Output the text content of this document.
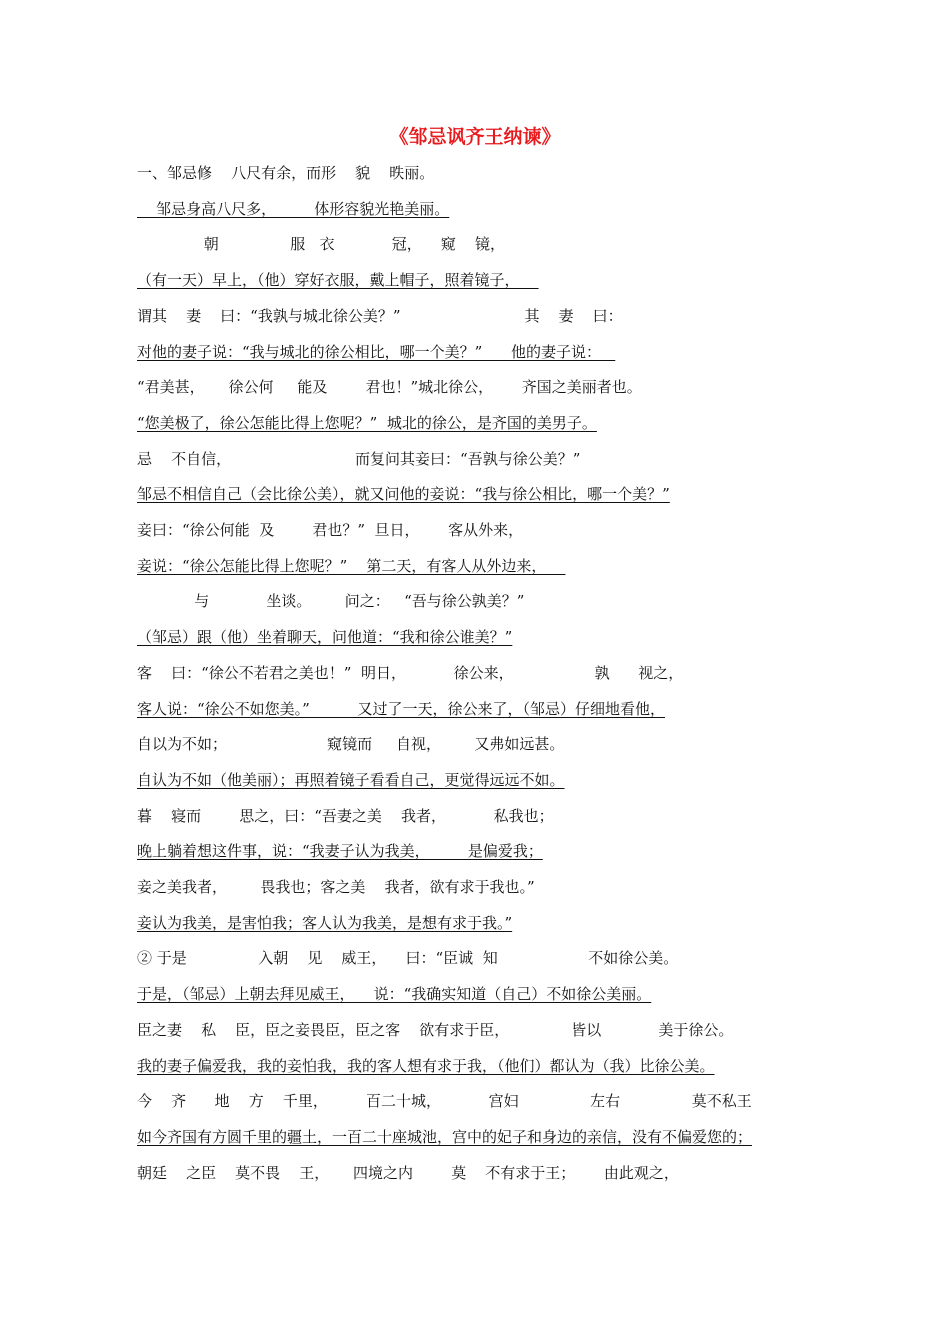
《邹忌讽齐王纳谏》
一、邹忌修    八尺有余，而形    貌    昳丽。
邹忌身高八尺多，        体形容貌光艳美丽。
朝               服   衣            冠，    窥    镜，
（有一天）早上，（他）穿好衣服，戴上帽子，照着镜子，
谓其    妻    曰：“我孰与城北徐公美？”                          其    妻    曰：
对他的妻子说：“我与城北的徐公相比，哪一个美？”      他的妻子说：
“君美甚，     徐公何     能及        君也！”城北徐公，      齐国之美丽者也。
“您美极了，徐公怎能比得上您呢？”  城北的徐公，是齐国的美男子。
忌    不自信，                          而复问其妾曰：“吾孰与徐公美？”
邹忌不相信自己（会比徐公美），就又问他的妾说：“我与徐公相比，哪一个美？”
妾曰：“徐公何能  及        君也？”  旦日，      客从外来，
妾说：“徐公怎能比得上您呢？”    第二天，有客人从外边来，
与            坐谈。       问之：   “吾与徐公孰美？”
（邹忌）跟（他）坐着聊天，问他道：“我和徐公谁美？”
客    曰：“徐公不若君之美也！”  明日，          徐公来，                 孰      视之，
客人说：“徐公不如您美。”          又过了一天，徐公来了，（邹忌）仔细地看他，
自以为不如；                     窥镜而     自视，       又弗如远甚。
自认为不如（他美丽）；再照着镜子看看自己，更觉得远远不如。
暮    寝而        思之，曰：“吾妻之美    我者，          私我也；
晚上躺着想这件事，说：“我妻子认为我美，        是偏爱我；
妾之美我者，       畏我也；客之美    我者，欲有求于我也。”
妾认为我美，是害怕我；客人认为我美，是想有求于我。”
② 于是               入朝    见    威王，    曰：“臣诚  知                   不如徐公美。
于是，（邹忌）上朝去拜见威王，    说：“我确实知道（自己）不如徐公美丽。
臣之妻    私    臣，臣之妾畏臣，臣之客    欲有求于臣，             皆以            美于徐公。
我的妻子偏爱我，我的妾怕我，我的客人想有求于我，（他们）都认为（我）比徐公美。
今    齐      地    方    千里，        百二十城，          宫妇               左右               莫不私王
如今齐国有方圆千里的疆土，一百二十座城池，宫中的妃子和身边的亲信，没有不偏爱您的；
朝廷    之臣    莫不畏    王，     四境之内        莫    不有求于王；      由此观之，
